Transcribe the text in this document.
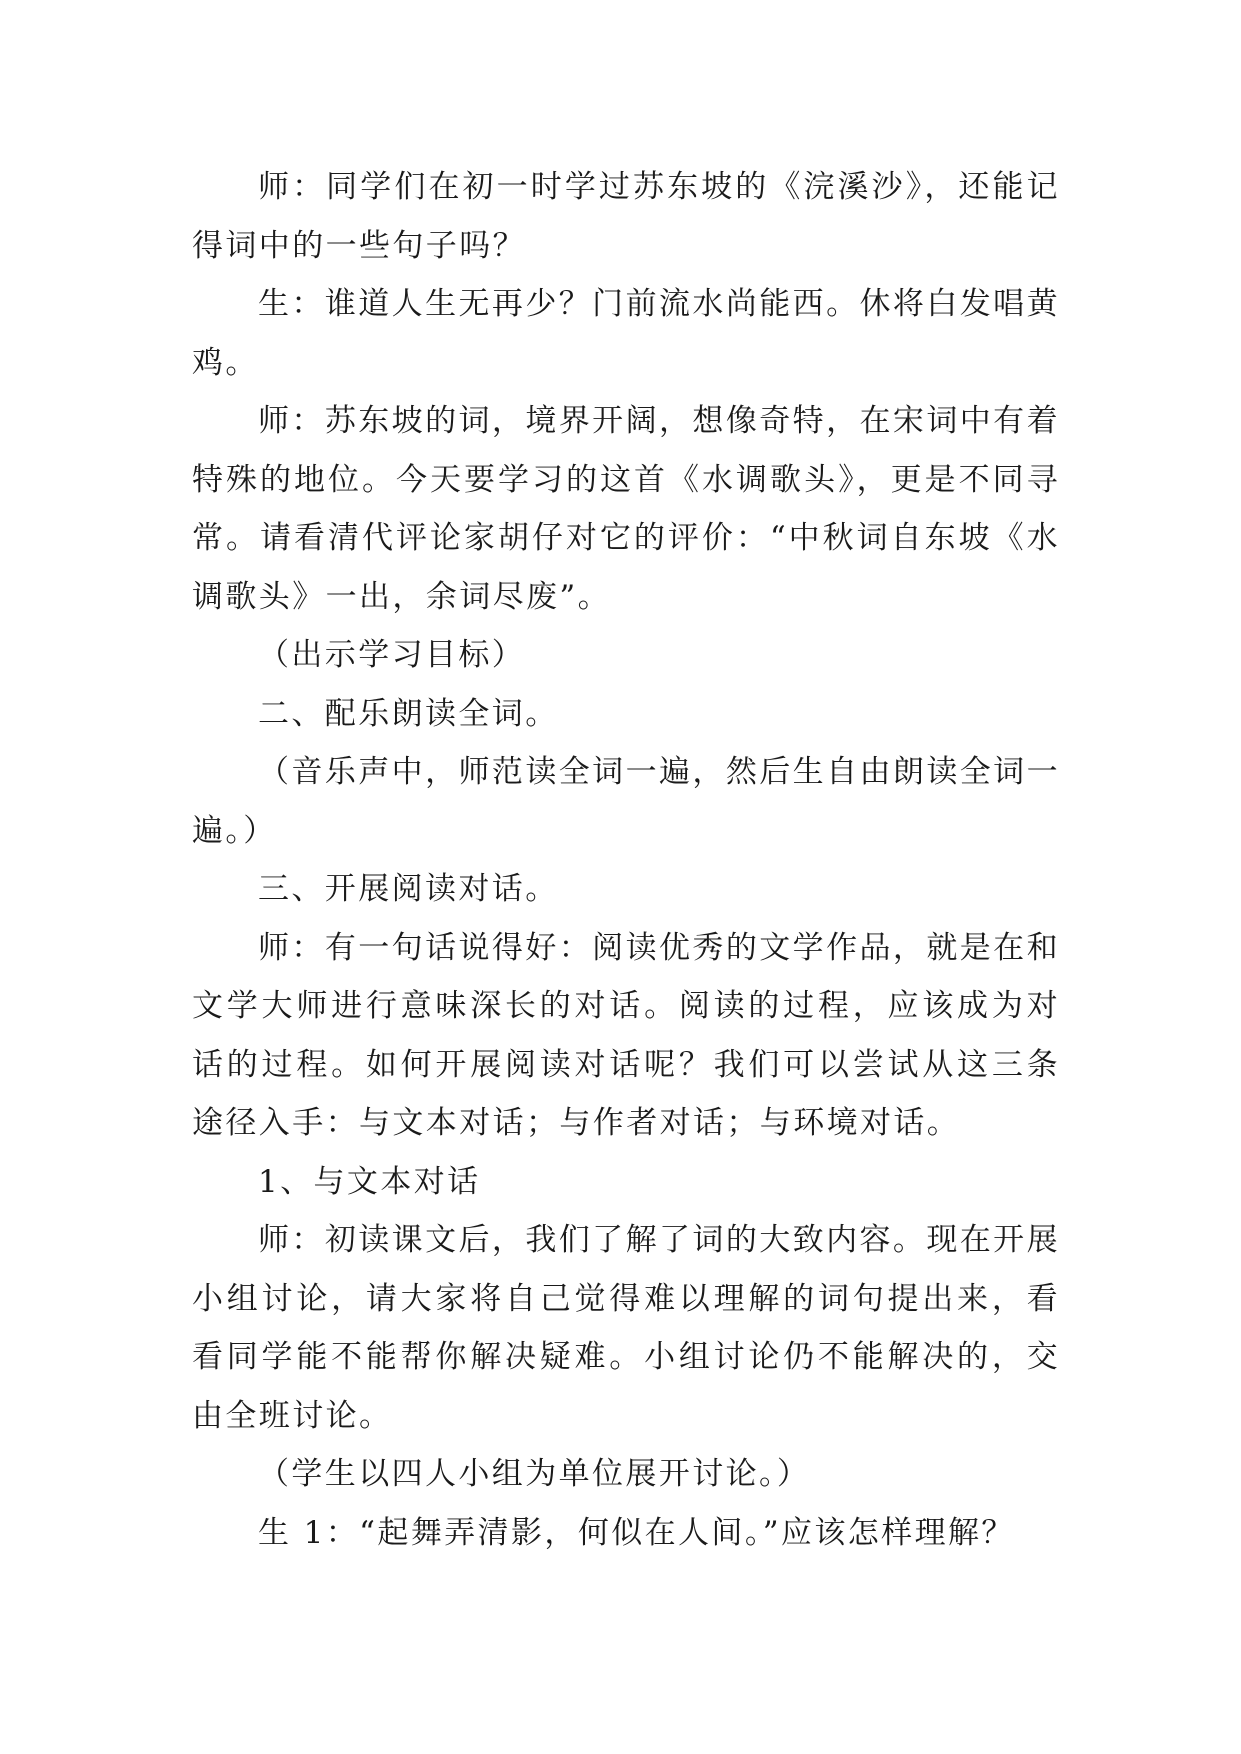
师：同学们在初一时学过苏东坡的《浣溪沙》，还能记得词中的一些句子吗？

生：谁道人生无再少？门前流水尚能西。休将白发唱黄鸡。

师：苏东坡的词，境界开阔，想像奇特，在宋词中有着特殊的地位。今天要学习的这首《水调歌头》，更是不同寻常。请看清代评论家胡仔对它的评价：“中秋词自东坡《水调歌头》一出，余词尽废”。

（出示学习目标）

二、配乐朗读全词。

（音乐声中，师范读全词一遍，然后生自由朗读全词一遍。）

三、开展阅读对话。

师：有一句话说得好：阅读优秀的文学作品，就是在和文学大师进行意味深长的对话。阅读的过程，应该成为对话的过程。如何开展阅读对话呢？我们可以尝试从这三条途径入手：与文本对话；与作者对话；与环境对话。

1、与文本对话

师：初读课文后，我们了解了词的大致内容。现在开展小组讨论，请大家将自己觉得难以理解的词句提出来，看看同学能不能帮你解决疑难。小组讨论仍不能解决的，交由全班讨论。

（学生以四人小组为单位展开讨论。）

生 1：“起舞弄清影，何似在人间。”应该怎样理解？
